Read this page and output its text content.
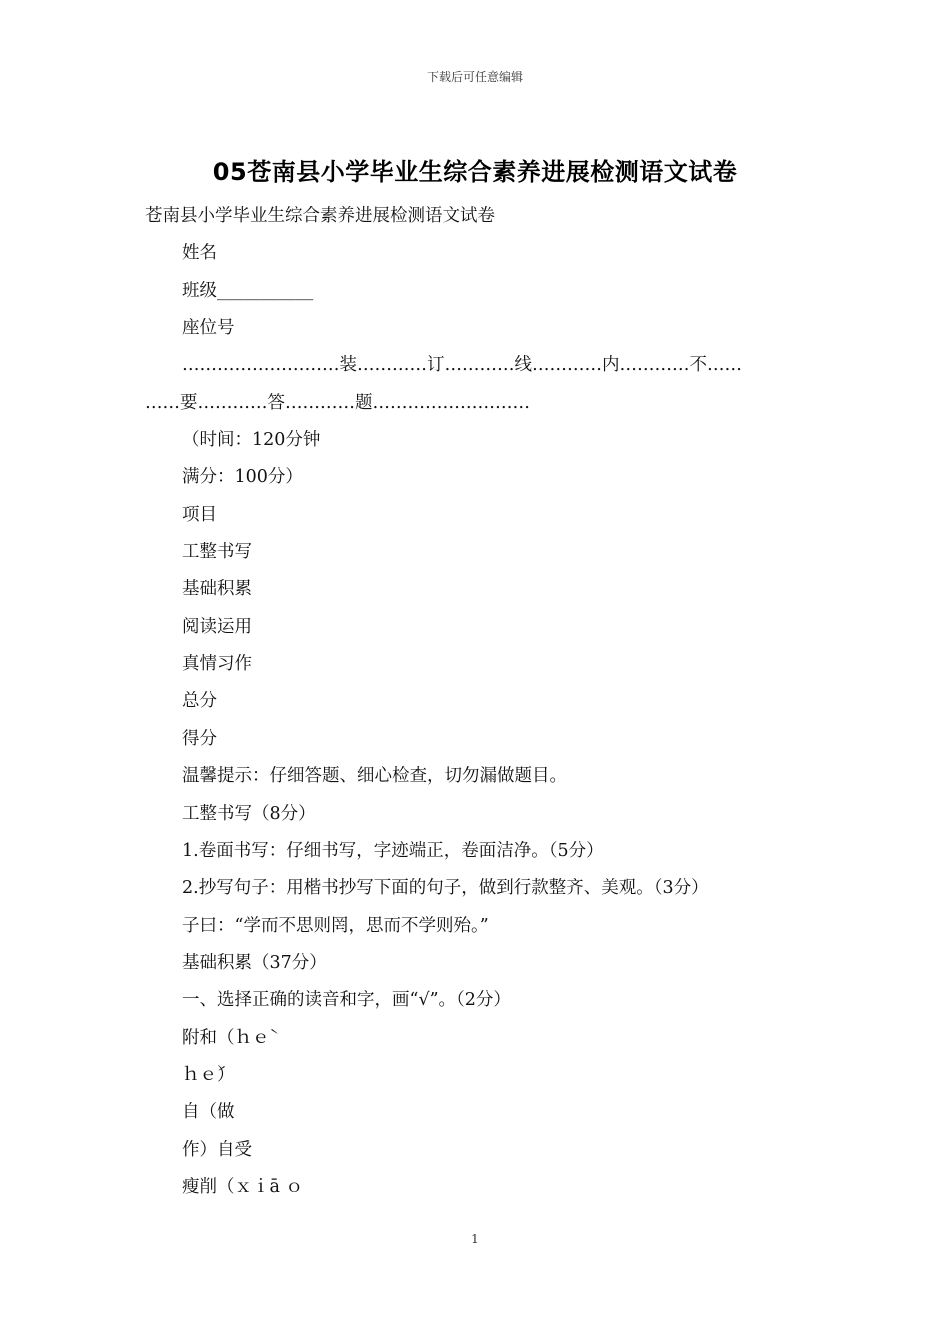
下载后可任意编辑
05苍南县小学毕业生综合素养进展检测语文试卷
苍南县小学毕业生综合素养进展检测语文试卷
姓名
班级___________
座位号
………………………装…………订…………线…………内…………不……
……要…………答…………题………………………
（时间：120分钟
满分：100分）
项目
工整书写
基础积累
阅读运用
真情习作
总分
得分
温馨提示：仔细答题、细心检查，切勿漏做题目。
工整书写（8分）
1.卷面书写：仔细书写，字迹端正，卷面洁净。（5分）
2.抄写句子：用楷书抄写下面的句子，做到行款整齐、美观。（3分）
子曰：“学而不思则罔，思而不学则殆。”
基础积累（37分）
一、选择正确的读音和字，画“√”。（2分）
附和（ｈｅ̀
ｈｅ́）
自（做
作）自受
瘦削（ｘｉā ｏ
1
